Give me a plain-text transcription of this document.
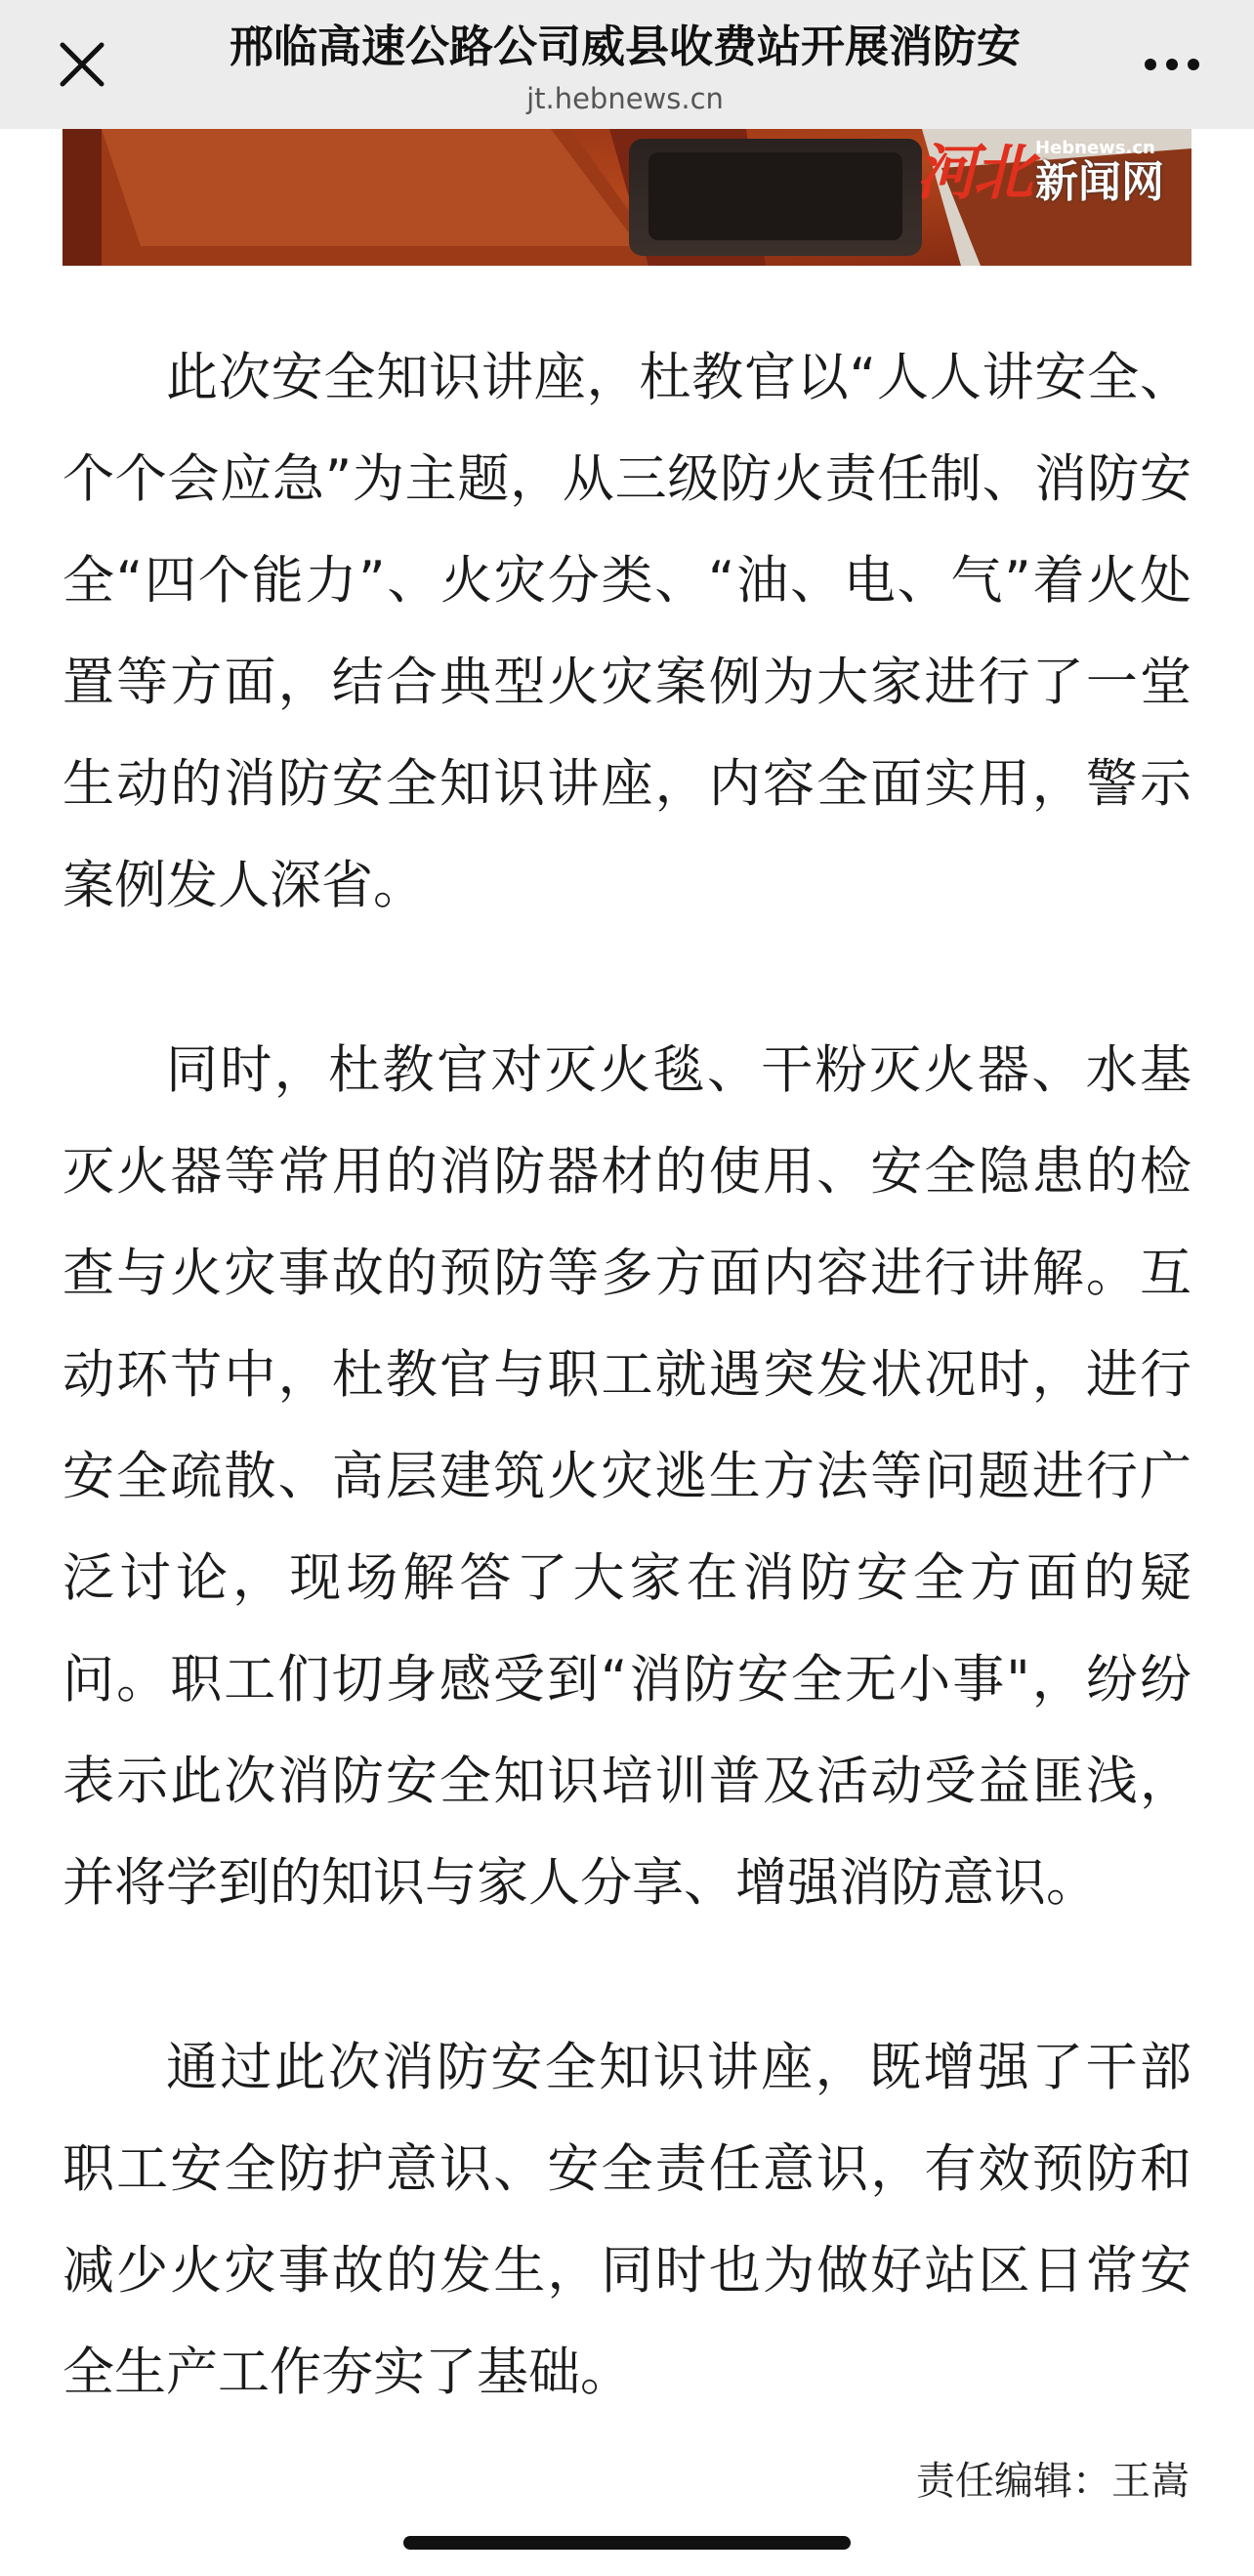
邢临高速公路公司威县收费站开展消防安
jt.hebnews.cn
河北 Hebnews.cn
新闻网

此次安全知识讲座，杜教官以“人人讲安全、个个会应急”为主题，从三级防火责任制、消防安全“四个能力”、火灾分类、“油、电、气”着火处置等方面，结合典型火灾案例为大家进行了一堂生动的消防安全知识讲座，内容全面实用，警示案例发人深省。

同时，杜教官对灭火毯、干粉灭火器、水基灭火器等常用的消防器材的使用、安全隐患的检查与火灾事故的预防等多方面内容进行讲解。互动环节中，杜教官与职工就遇突发状况时，进行安全疏散、高层建筑火灾逃生方法等问题进行广泛讨论，现场解答了大家在消防安全方面的疑问。职工们切身感受到“消防安全无小事"，纷纷表示此次消防安全知识培训普及活动受益匪浅，并将学到的知识与家人分享、增强消防意识。

通过此次消防安全知识讲座，既增强了干部职工安全防护意识、安全责任意识，有效预防和减少火灾事故的发生，同时也为做好站区日常安全生产工作夯实了基础。

责任编辑：王嵩
